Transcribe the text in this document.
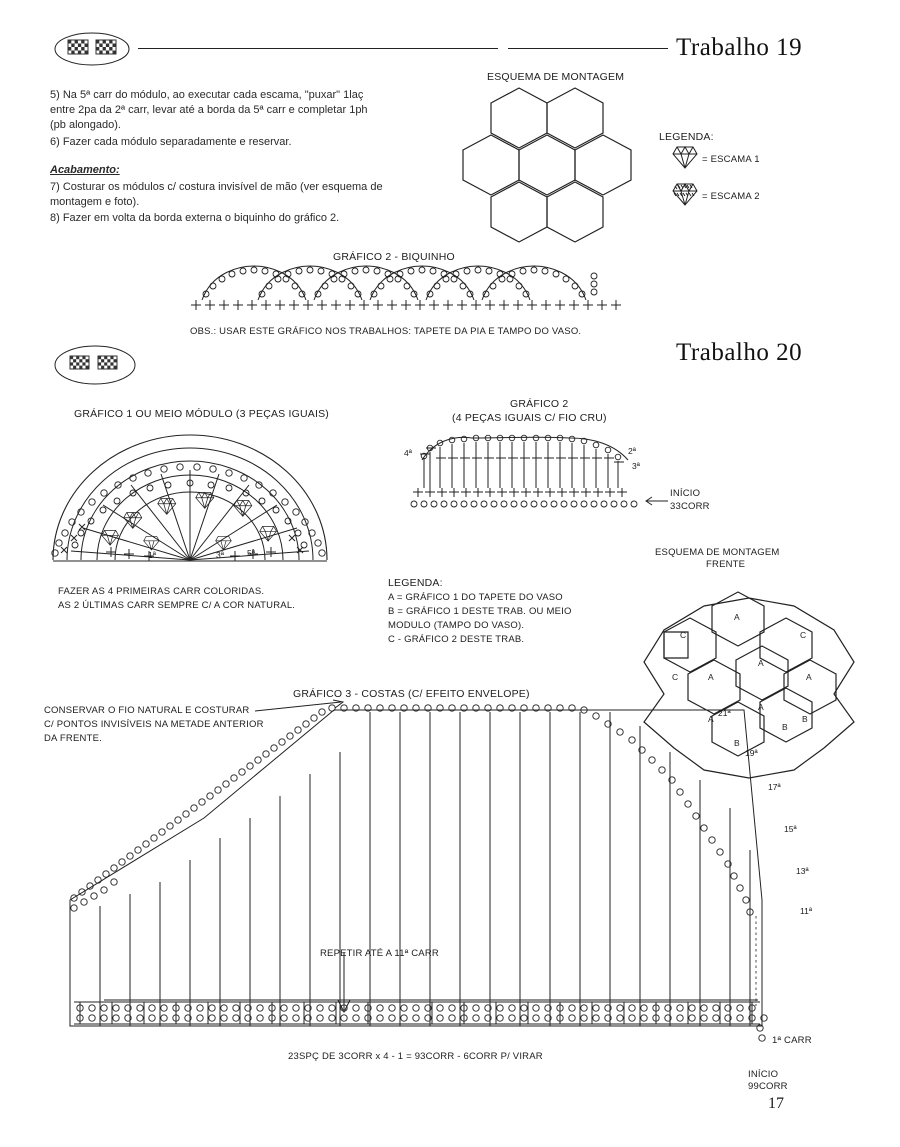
Trabalho 19
5) Na 5ª carr do módulo, ao executar cada escama, "puxar" 1laç entre 2pa da 2ª carr, levar até a borda da 5ª carr e completar 1ph (pb alongado).
6) Fazer cada módulo separadamente e reservar.
Acabamento:
7) Costurar os módulos c/ costura invisível de mão (ver esquema de montagem e foto).
8) Fazer em volta da borda externa o biquinho do gráfico 2.
ESQUEMA DE MONTAGEM
LEGENDA:
= ESCAMA 1
= ESCAMA 2
GRÁFICO 2 - BIQUINHO
OBS.: USAR ESTE GRÁFICO NOS TRABALHOS: TAPETE DA PIA E TAMPO DO VASO.
Trabalho 20
GRÁFICO 1 OU MEIO MÓDULO (3 PEÇAS IGUAIS)
1ª	3ª	5ª
FAZER AS 4 PRIMEIRAS CARR COLORIDAS.
AS 2 ÚLTIMAS CARR SEMPRE C/ A COR NATURAL.
GRÁFICO 2
(4 PEÇAS IGUAIS C/ FIO CRU)
4ª	2ª
3ª
INÍCIO
33CORR
LEGENDA:
A = GRÁFICO 1 DO TAPETE DO VASO
B = GRÁFICO 1 DESTE TRAB. OU MEIO
MODULO (TAMPO DO VASO).
C - GRÁFICO 2 DESTE TRAB.
ESQUEMA DE MONTAGEM
FRENTE
C
A
C
C	A
A
A
A
A
B
B
B
GRÁFICO 3 - COSTAS (C/ EFEITO ENVELOPE)
CONSERVAR O FIO NATURAL E COSTURAR
C/ PONTOS INVISÍVEIS NA METADE ANTERIOR
DA FRENTE.
21ª
19ª
17ª
15ª
13ª
11ª
REPETIR ATÉ A 11ª CARR
23SPÇ DE 3CORR x 4 - 1 = 93CORR - 6CORR P/ VIRAR
1ª CARR
INÍCIO
99CORR
17
